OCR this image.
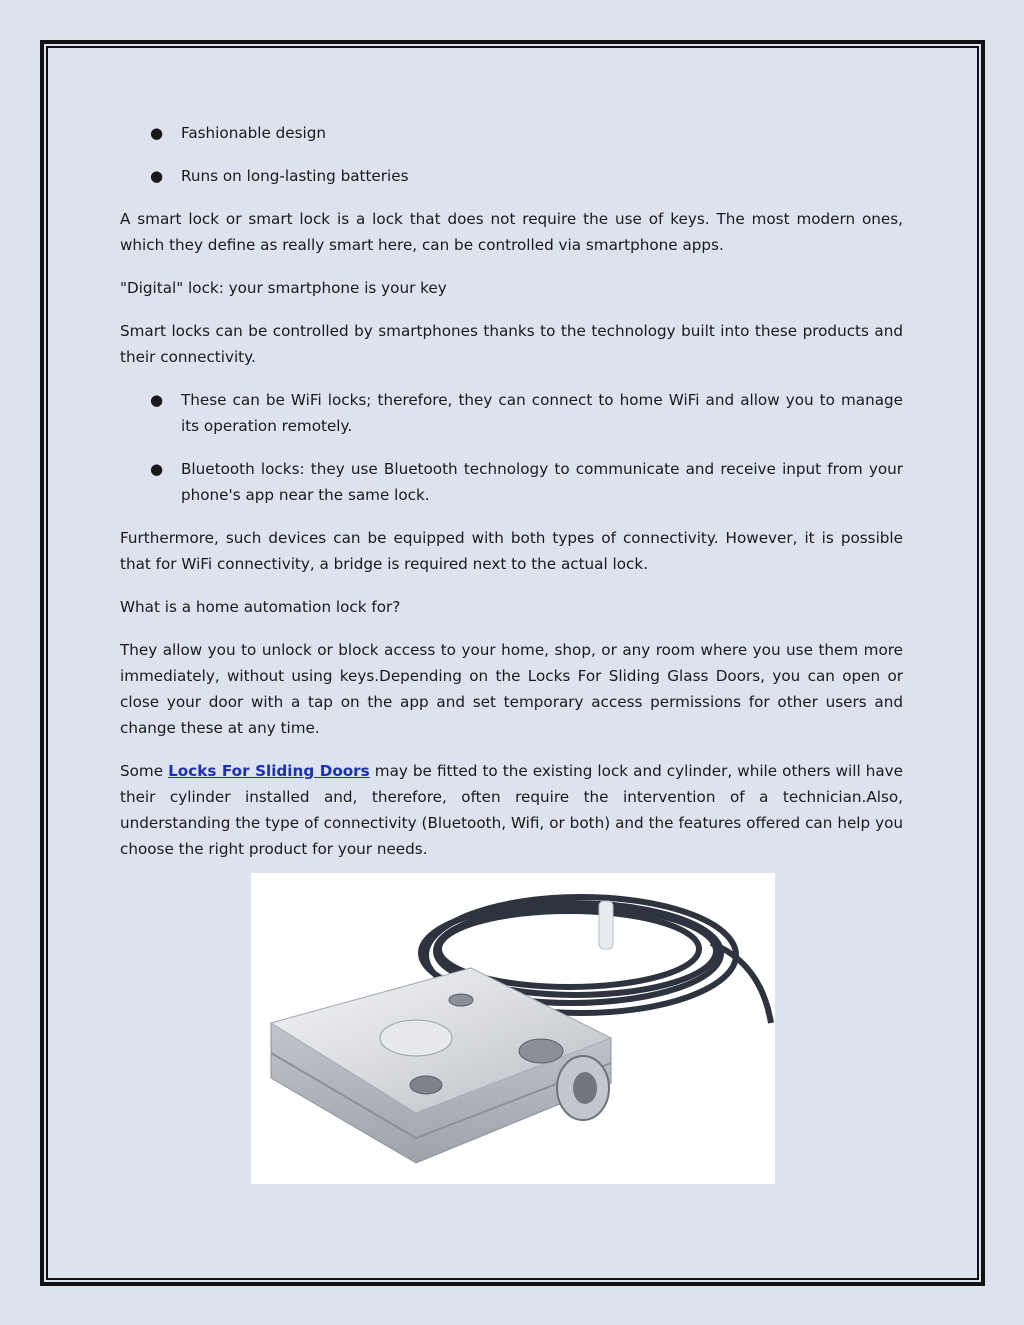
● Fashionable design
● Runs on long-lasting batteries

A smart lock or smart lock is a lock that does not require the use of keys. The most modern ones, which they define as really smart here, can be controlled via smartphone apps.

"Digital" lock: your smartphone is your key

Smart locks can be controlled by smartphones thanks to the technology built into these products and their connectivity.

● These can be WiFi locks; therefore, they can connect to home WiFi and allow you to manage its operation remotely.
● Bluetooth locks: they use Bluetooth technology to communicate and receive input from your phone's app near the same lock.

Furthermore, such devices can be equipped with both types of connectivity. However, it is possible that for WiFi connectivity, a bridge is required next to the actual lock.

What is a home automation lock for?

They allow you to unlock or block access to your home, shop, or any room where you use them more immediately, without using keys.Depending on the Locks For Sliding Glass Doors, you can open or close your door with a tap on the app and set temporary access permissions for other users and change these at any time.

Some Locks For Sliding Doors may be fitted to the existing lock and cylinder, while others will have their cylinder installed and, therefore, often require the intervention of a technician.Also, understanding the type of connectivity (Bluetooth, Wifi, or both) and the features offered can help you choose the right product for your needs.
